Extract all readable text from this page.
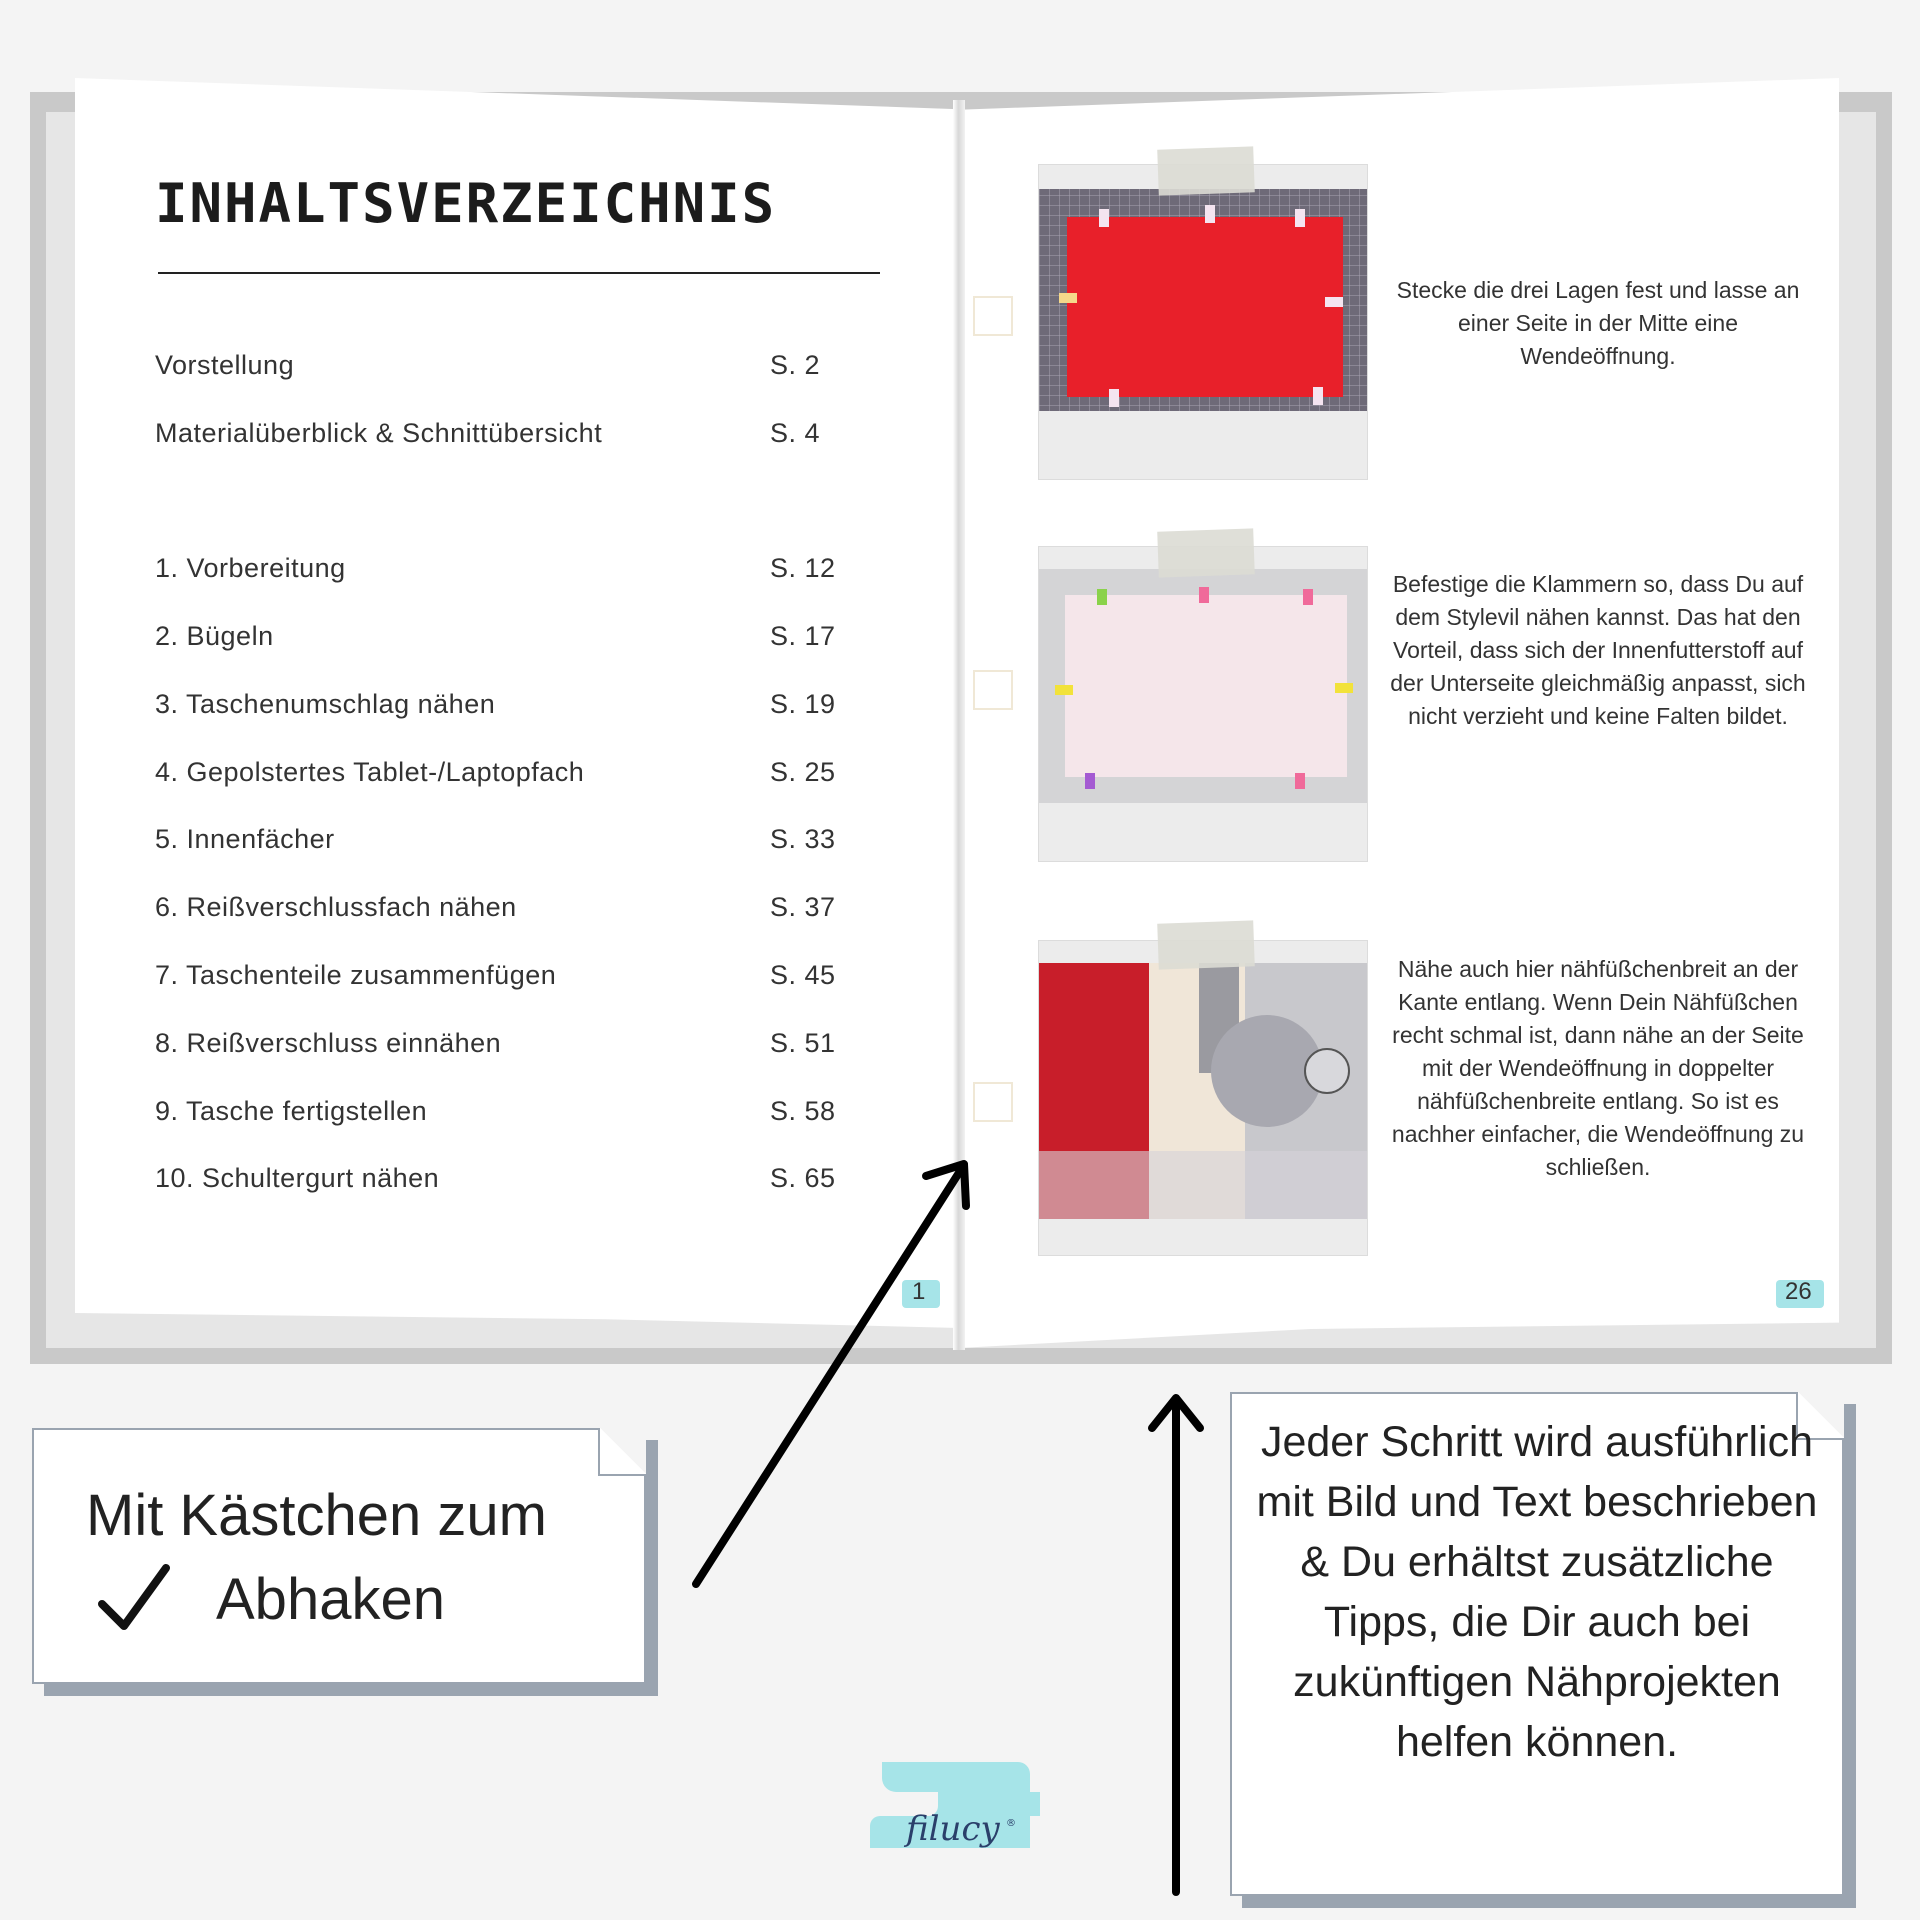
INHALTSVERZEICHNIS
Vorstellung	S. 2
Materialüberblick & Schnittübersicht	S. 4
1. Vorbereitung	S. 12
2. Bügeln	S. 17
3. Taschenumschlag nähen	S. 19
4. Gepolstertes Tablet-/Laptopfach	S. 25
5. Innenfächer	S. 33
6. Reißverschlussfach nähen	S. 37
7. Taschenteile zusammenfügen	S. 45
8. Reißverschluss einnähen	S. 51
9. Tasche fertigstellen	S. 58
10. Schultergurt nähen	S. 65
1
Stecke die drei Lagen fest und lasse an einer Seite in der Mitte eine Wendeöffnung.
Befestige die Klammern so, dass Du auf dem Stylevil nähen kannst. Das hat den Vorteil, dass sich der Innenfutterstoff auf der Unterseite gleichmäßig anpasst, sich nicht verzieht und keine Falten bildet.
Nähe auch hier nähfüßchenbreit an der Kante entlang. Wenn Dein Nähfüßchen recht schmal ist, dann nähe an der Seite mit der Wendeöffnung in doppelter nähfüßchenbreite entlang. So ist es nachher einfacher, die Wendeöffnung zu schließen.
26
Mit Kästchen zum
Abhaken
Jeder Schritt wird ausführlich mit Bild und Text beschrieben & Du erhältst zusätzliche Tipps, die Dir auch bei zukünftigen Nähprojekten helfen können.
filucy ®
